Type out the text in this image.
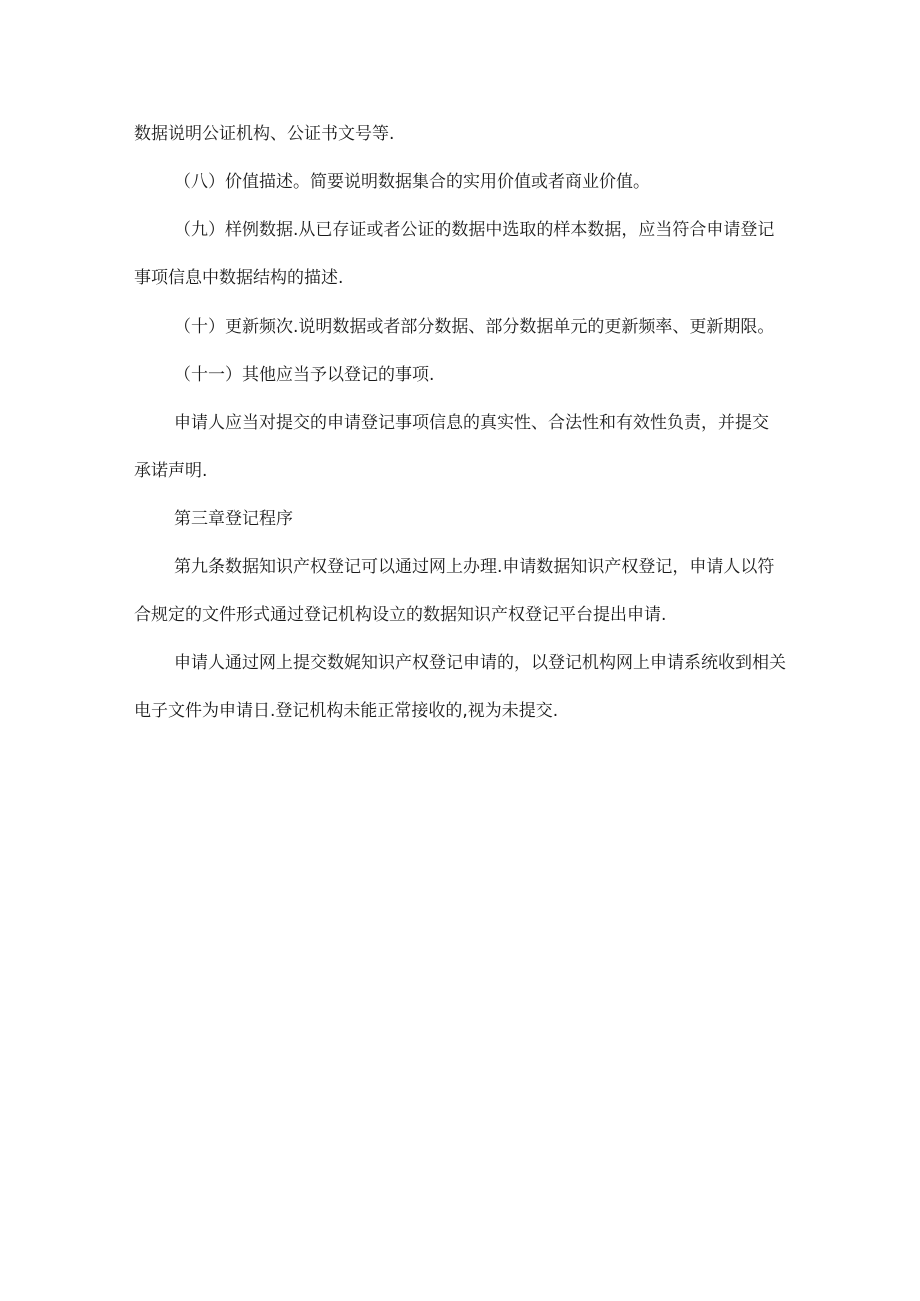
数据说明公证机构、公证书文号等.
（八）价值描述。简要说明数据集合的实用价值或者商业价值。
（九）样例数据.从已存证或者公证的数据中选取的样本数据，应当符合申请登记
事项信息中数据结构的描述.
（十）更新频次.说明数据或者部分数据、部分数据单元的更新频率、更新期限。
（十一）其他应当予以登记的事项.
申请人应当对提交的申请登记事项信息的真实性、合法性和有效性负责，并提交
承诺声明.
第三章登记程序
第九条数据知识产权登记可以通过网上办理.申请数据知识产权登记，申请人以符
合规定的文件形式通过登记机构设立的数据知识产权登记平台提出申请.
申请人通过网上提交数娓知识产权登记申请的，以登记机构网上申请系统收到相关
电子文件为申请日.登记机构未能正常接收的,视为未提交.
